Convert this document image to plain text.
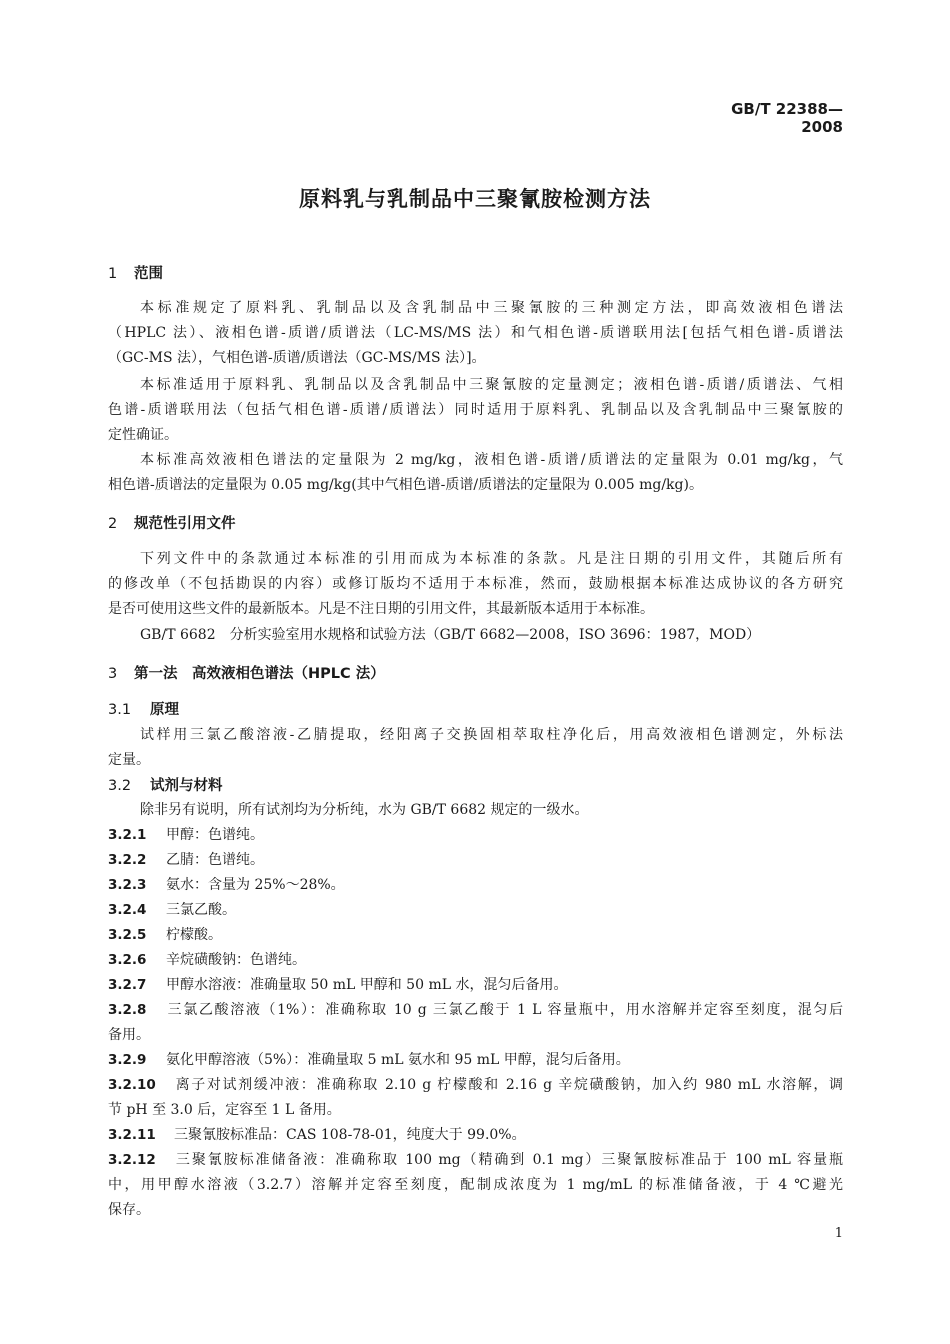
GB/T 22388—2008
原料乳与乳制品中三聚氰胺检测方法
1 范围
本标准规定了原料乳、乳制品以及含乳制品中三聚氰胺的三种测定方法，即高效液相色谱法
（HPLC 法）、液相色谱-质谱/质谱法（LC-MS/MS 法）和气相色谱-质谱联用法[包括气相色谱-质谱法
（GC-MS 法），气相色谱-质谱/质谱法（GC-MS/MS 法）]。
本标准适用于原料乳、乳制品以及含乳制品中三聚氰胺的定量测定；液相色谱-质谱/质谱法、气相
色谱-质谱联用法（包括气相色谱-质谱/质谱法）同时适用于原料乳、乳制品以及含乳制品中三聚氰胺的
定性确证。
本标准高效液相色谱法的定量限为 2 mg/kg，液相色谱-质谱/质谱法的定量限为 0.01 mg/kg，气
相色谱-质谱法的定量限为 0.05 mg/kg(其中气相色谱-质谱/质谱法的定量限为 0.005 mg/kg)。
2 规范性引用文件
下列文件中的条款通过本标准的引用而成为本标准的条款。凡是注日期的引用文件，其随后所有
的修改单（不包括勘误的内容）或修订版均不适用于本标准，然而，鼓励根据本标准达成协议的各方研究
是否可使用这些文件的最新版本。凡是不注日期的引用文件，其最新版本适用于本标准。
GB/T 6682　分析实验室用水规格和试验方法（GB/T 6682—2008，ISO 3696：1987，MOD）
3 第一法　高效液相色谱法（HPLC 法）
3.1 原理
试样用三氯乙酸溶液-乙腈提取，经阳离子交换固相萃取柱净化后，用高效液相色谱测定，外标法
定量。
3.2 试剂与材料
除非另有说明，所有试剂均为分析纯，水为 GB/T 6682 规定的一级水。
3.2.1 甲醇：色谱纯。
3.2.2 乙腈：色谱纯。
3.2.3 氨水：含量为 25%～28%。
3.2.4 三氯乙酸。
3.2.5 柠檬酸。
3.2.6 辛烷磺酸钠：色谱纯。
3.2.7 甲醇水溶液：准确量取 50 mL 甲醇和 50 mL 水，混匀后备用。
3.2.8 三氯乙酸溶液（1%）：准确称取 10 g 三氯乙酸于 1 L 容量瓶中，用水溶解并定容至刻度，混匀后
备用。
3.2.9 氨化甲醇溶液（5%）：准确量取 5 mL 氨水和 95 mL 甲醇，混匀后备用。
3.2.10 离子对试剂缓冲液：准确称取 2.10 g 柠檬酸和 2.16 g 辛烷磺酸钠，加入约 980 mL 水溶解，调
节 pH 至 3.0 后，定容至 1 L 备用。
3.2.11 三聚氰胺标准品：CAS 108-78-01，纯度大于 99.0%。
3.2.12 三聚氰胺标准储备液：准确称取 100 mg（精确到 0.1 mg）三聚氰胺标准品于 100 mL 容量瓶
中，用甲醇水溶液（3.2.7）溶解并定容至刻度，配制成浓度为 1 mg/mL 的标准储备液，于 4 ℃避光
保存。
1
